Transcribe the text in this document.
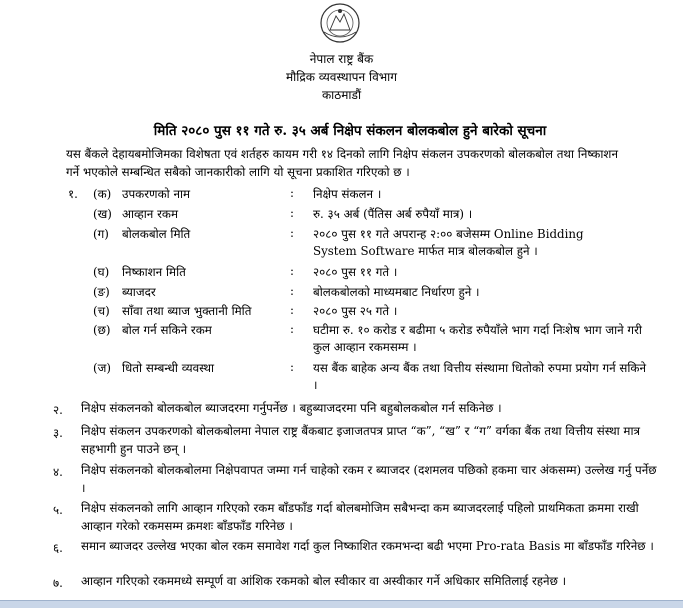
नेपाल राष्ट्र बैंक
मौद्रिक व्यवस्थापन विभाग
काठमाडौं
मिति २०८० पुस ११ गते रु. ३५ अर्ब निक्षेप संकलन बोलकबोल हुने बारेको सूचना
यस बैंकले देहायबमोजिमका विशेषता एवं शर्तहरु कायम गरी १४ दिनको लागि निक्षेप संकलन उपकरणको बोलकबोल तथा निष्काशन गर्ने भएकोले सम्बन्धित सबैको जानकारीको लागि यो सूचना प्रकाशित गरिएको छ ।
१. (क) उपकरणको नाम	: निक्षेप संकलन ।
(ख) आव्हान रकम	: रु. ३५ अर्ब (पैंतिस अर्ब रुपैयाँ मात्र) ।
(ग) बोलकबोल मिति	: २०८० पुस ११ गते अपरान्ह २:०० बजेसम्म Online Bidding System Software मार्फत मात्र बोलकबोल हुने ।
(घ) निष्काशन मिति	: २०८० पुस ११ गते ।
(ङ) ब्याजदर	: बोलकबोलको माध्यमबाट निर्धारण हुने ।
(च) साँवा तथा ब्याज भुक्तानी मिति	: २०८० पुस २५ गते ।
(छ) बोल गर्न सकिने रकम	: घटीमा रु. १० करोड र बढीमा ५ करोड रुपैयाँले भाग गर्दा निःशेष भाग जाने गरी कुल आव्हान रकमसम्म ।
(ज) धितो सम्बन्धी व्यवस्था	: यस बैंक बाहेक अन्य बैंक तथा वित्तीय संस्थामा धितोको रुपमा प्रयोग गर्न सकिने ।
२. निक्षेप संकलनको बोलकबोल ब्याजदरमा गर्नुपर्नेछ । बहुब्याजदरमा पनि बहुबोलकबोल गर्न सकिनेछ ।
३. निक्षेप संकलन उपकरणको बोलकबोलमा नेपाल राष्ट्र बैंकबाट इजाजतपत्र प्राप्त “क”, “ख” र “ग” वर्गका बैंक तथा वित्तीय संस्था मात्र सहभागी हुन पाउने छन् ।
४. निक्षेप संकलनको बोलकबोलमा निक्षेपवापत जम्मा गर्न चाहेको रकम र ब्याजदर (दशमलव पछिको हकमा चार अंकसम्म) उल्लेख गर्नु पर्नेछ ।
५. निक्षेप संकलनको लागि आव्हान गरिएको रकम बाँडफाँड गर्दा बोलबमोजिम सबैभन्दा कम ब्याजदरलाई पहिलो प्राथमिकता क्रममा राखी आव्हान गरेको रकमसम्म क्रमशः बाँडफाँड गरिनेछ ।
६. समान ब्याजदर उल्लेख भएका बोल रकम समावेश गर्दा कुल निष्काशित रकमभन्दा बढी भएमा Pro-rata Basis मा बाँडफाँड गरिनेछ ।
७. आव्हान गरिएको रकममध्ये सम्पूर्ण वा आंशिक रकमको बोल स्वीकार वा अस्वीकार गर्ने अधिकार समितिलाई रहनेछ ।
